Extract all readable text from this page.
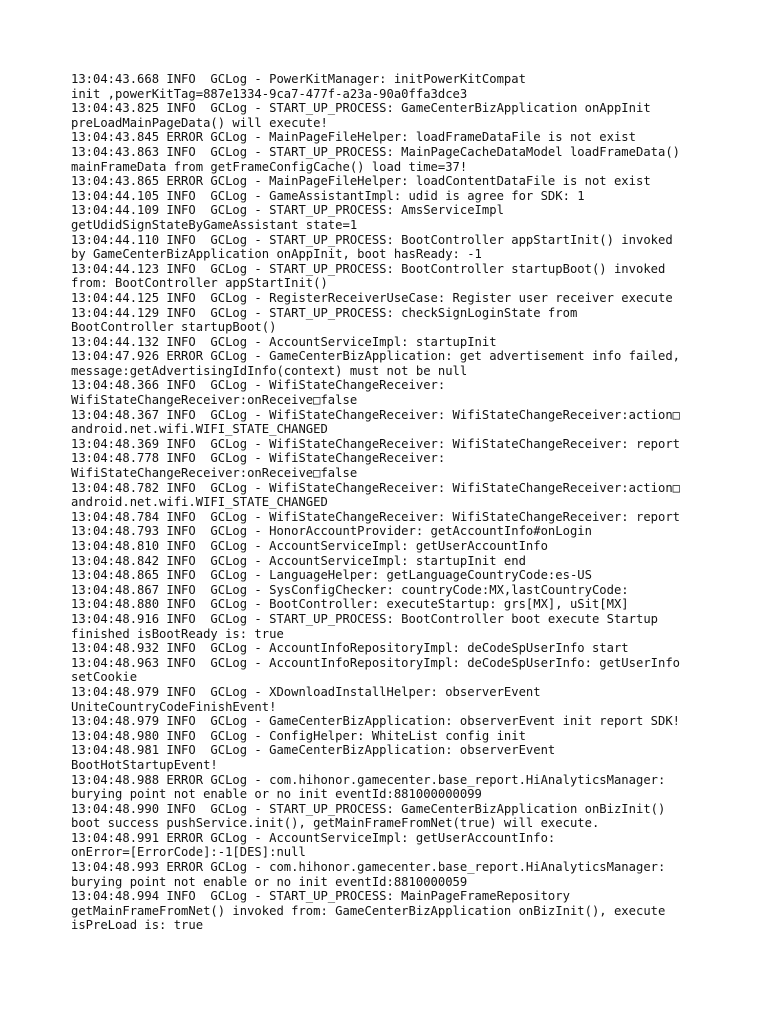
13:04:43.668 INFO  GCLog - PowerKitManager: initPowerKitCompat
init ,powerKitTag=887e1334-9ca7-477f-a23a-90a0ffa3dce3
13:04:43.825 INFO  GCLog - START_UP_PROCESS: GameCenterBizApplication onAppInit
preLoadMainPageData() will execute!
13:04:43.845 ERROR GCLog - MainPageFileHelper: loadFrameDataFile is not exist
13:04:43.863 INFO  GCLog - START_UP_PROCESS: MainPageCacheDataModel loadFrameData()
mainFrameData from getFrameConfigCache() load time=37!
13:04:43.865 ERROR GCLog - MainPageFileHelper: loadContentDataFile is not exist
13:04:44.105 INFO  GCLog - GameAssistantImpl: udid is agree for SDK: 1
13:04:44.109 INFO  GCLog - START_UP_PROCESS: AmsServiceImpl
getUdidSignStateByGameAssistant state=1
13:04:44.110 INFO  GCLog - START_UP_PROCESS: BootController appStartInit() invoked
by GameCenterBizApplication onAppInit, boot hasReady: -1
13:04:44.123 INFO  GCLog - START_UP_PROCESS: BootController startupBoot() invoked
from: BootController appStartInit()
13:04:44.125 INFO  GCLog - RegisterReceiverUseCase: Register user receiver execute
13:04:44.129 INFO  GCLog - START_UP_PROCESS: checkSignLoginState from
BootController startupBoot()
13:04:44.132 INFO  GCLog - AccountServiceImpl: startupInit
13:04:47.926 ERROR GCLog - GameCenterBizApplication: get advertisement info failed,
message:getAdvertisingIdInfo(context) must not be null
13:04:48.366 INFO  GCLog - WifiStateChangeReceiver:
WifiStateChangeReceiver:onReceive□false
13:04:48.367 INFO  GCLog - WifiStateChangeReceiver: WifiStateChangeReceiver:action□
android.net.wifi.WIFI_STATE_CHANGED
13:04:48.369 INFO  GCLog - WifiStateChangeReceiver: WifiStateChangeReceiver: report
13:04:48.778 INFO  GCLog - WifiStateChangeReceiver:
WifiStateChangeReceiver:onReceive□false
13:04:48.782 INFO  GCLog - WifiStateChangeReceiver: WifiStateChangeReceiver:action□
android.net.wifi.WIFI_STATE_CHANGED
13:04:48.784 INFO  GCLog - WifiStateChangeReceiver: WifiStateChangeReceiver: report
13:04:48.793 INFO  GCLog - HonorAccountProvider: getAccountInfo#onLogin
13:04:48.810 INFO  GCLog - AccountServiceImpl: getUserAccountInfo
13:04:48.842 INFO  GCLog - AccountServiceImpl: startupInit end
13:04:48.865 INFO  GCLog - LanguageHelper: getLanguageCountryCode:es-US
13:04:48.867 INFO  GCLog - SysConfigChecker: countryCode:MX,lastCountryCode:
13:04:48.880 INFO  GCLog - BootController: executeStartup: grs[MX], uSit[MX]
13:04:48.916 INFO  GCLog - START_UP_PROCESS: BootController boot execute Startup
finished isBootReady is: true
13:04:48.932 INFO  GCLog - AccountInfoRepositoryImpl: deCodeSpUserInfo start
13:04:48.963 INFO  GCLog - AccountInfoRepositoryImpl: deCodeSpUserInfo: getUserInfo
setCookie
13:04:48.979 INFO  GCLog - XDownloadInstallHelper: observerEvent
UniteCountryCodeFinishEvent!
13:04:48.979 INFO  GCLog - GameCenterBizApplication: observerEvent init report SDK!
13:04:48.980 INFO  GCLog - ConfigHelper: WhiteList config init
13:04:48.981 INFO  GCLog - GameCenterBizApplication: observerEvent
BootHotStartupEvent!
13:04:48.988 ERROR GCLog - com.hihonor.gamecenter.base_report.HiAnalyticsManager:
burying point not enable or no init eventId:881000000099
13:04:48.990 INFO  GCLog - START_UP_PROCESS: GameCenterBizApplication onBizInit()
boot success pushService.init(), getMainFrameFromNet(true) will execute.
13:04:48.991 ERROR GCLog - AccountServiceImpl: getUserAccountInfo:
onError=[ErrorCode]:-1[DES]:null
13:04:48.993 ERROR GCLog - com.hihonor.gamecenter.base_report.HiAnalyticsManager:
burying point not enable or no init eventId:8810000059
13:04:48.994 INFO  GCLog - START_UP_PROCESS: MainPageFrameRepository
getMainFrameFromNet() invoked from: GameCenterBizApplication onBizInit(), execute
isPreLoad is: true
